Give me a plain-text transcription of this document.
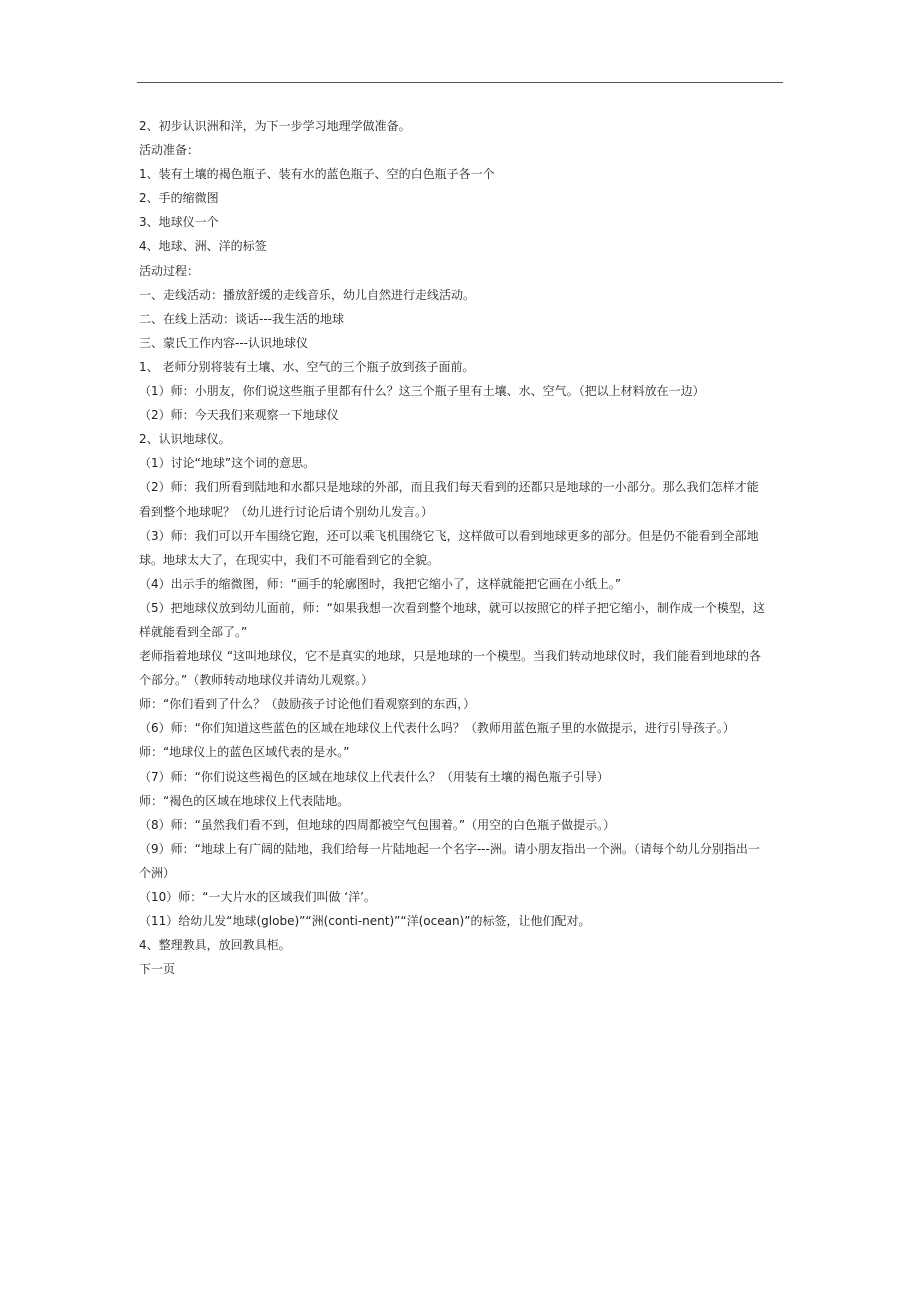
2、初步认识洲和洋，为下一步学习地理学做准备。
活动准备：
1、装有土壤的褐色瓶子、装有水的蓝色瓶子、空的白色瓶子各一个
2、手的缩微图
3、地球仪一个
4、地球、洲、洋的标签
活动过程：
一、走线活动：播放舒缓的走线音乐，幼儿自然进行走线活动。
二、在线上活动：谈话---我生活的地球
三、蒙氏工作内容---认识地球仪
1、 老师分别将装有土壤、水、空气的三个瓶子放到孩子面前。
（1）师：小朋友，你们说这些瓶子里都有什么？这三个瓶子里有土壤、水、空气。（把以上材料放在一边）
（2）师：今天我们来观察一下地球仪
2、认识地球仪。
（1）讨论“地球”这个词的意思。
（2）师：我们所看到陆地和水都只是地球的外部，而且我们每天看到的还都只是地球的一小部分。那么我们怎样才能
看到整个地球呢？（幼儿进行讨论后请个别幼儿发言。）
（3）师：我们可以开车围绕它跑，还可以乘飞机围绕它飞，这样做可以看到地球更多的部分。但是仍不能看到全部地
球。地球太大了，在现实中，我们不可能看到它的全貌。
（4）出示手的缩微图，师：“画手的轮廓图时，我把它缩小了，这样就能把它画在小纸上。”
（5）把地球仪放到幼儿面前，师：“如果我想一次看到整个地球，就可以按照它的样子把它缩小，制作成一个模型，这
样就能看到全部了。”
老师指着地球仪 “这叫地球仪，它不是真实的地球，只是地球的一个模型。当我们转动地球仪时，我们能看到地球的各
个部分。”（教师转动地球仪并请幼儿观察。）
师：“你们看到了什么？（鼓励孩子讨论他们看观察到的东西，）
（6）师：“你们知道这些蓝色的区域在地球仪上代表什么吗？（教师用蓝色瓶子里的水做提示，进行引导孩子。）
师：“地球仪上的蓝色区域代表的是水。”
（7）师：“你们说这些褐色的区域在地球仪上代表什么？（用装有土壤的褐色瓶子引导）
师：“褐色的区域在地球仪上代表陆地。
（8）师：“虽然我们看不到，但地球的四周都被空气包围着。”（用空的白色瓶子做提示。）
（9）师：“地球上有广阔的陆地，我们给每一片陆地起一个名字---洲。请小朋友指出一个洲。（请每个幼儿分别指出一
个洲）
（10）师：“一大片水的区域我们叫做 ‘洋’。
（11）给幼儿发“地球(globe)”“洲(conti-nent)”“洋(ocean)”的标签，让他们配对。
4、整理教具，放回教具柜。
下一页
